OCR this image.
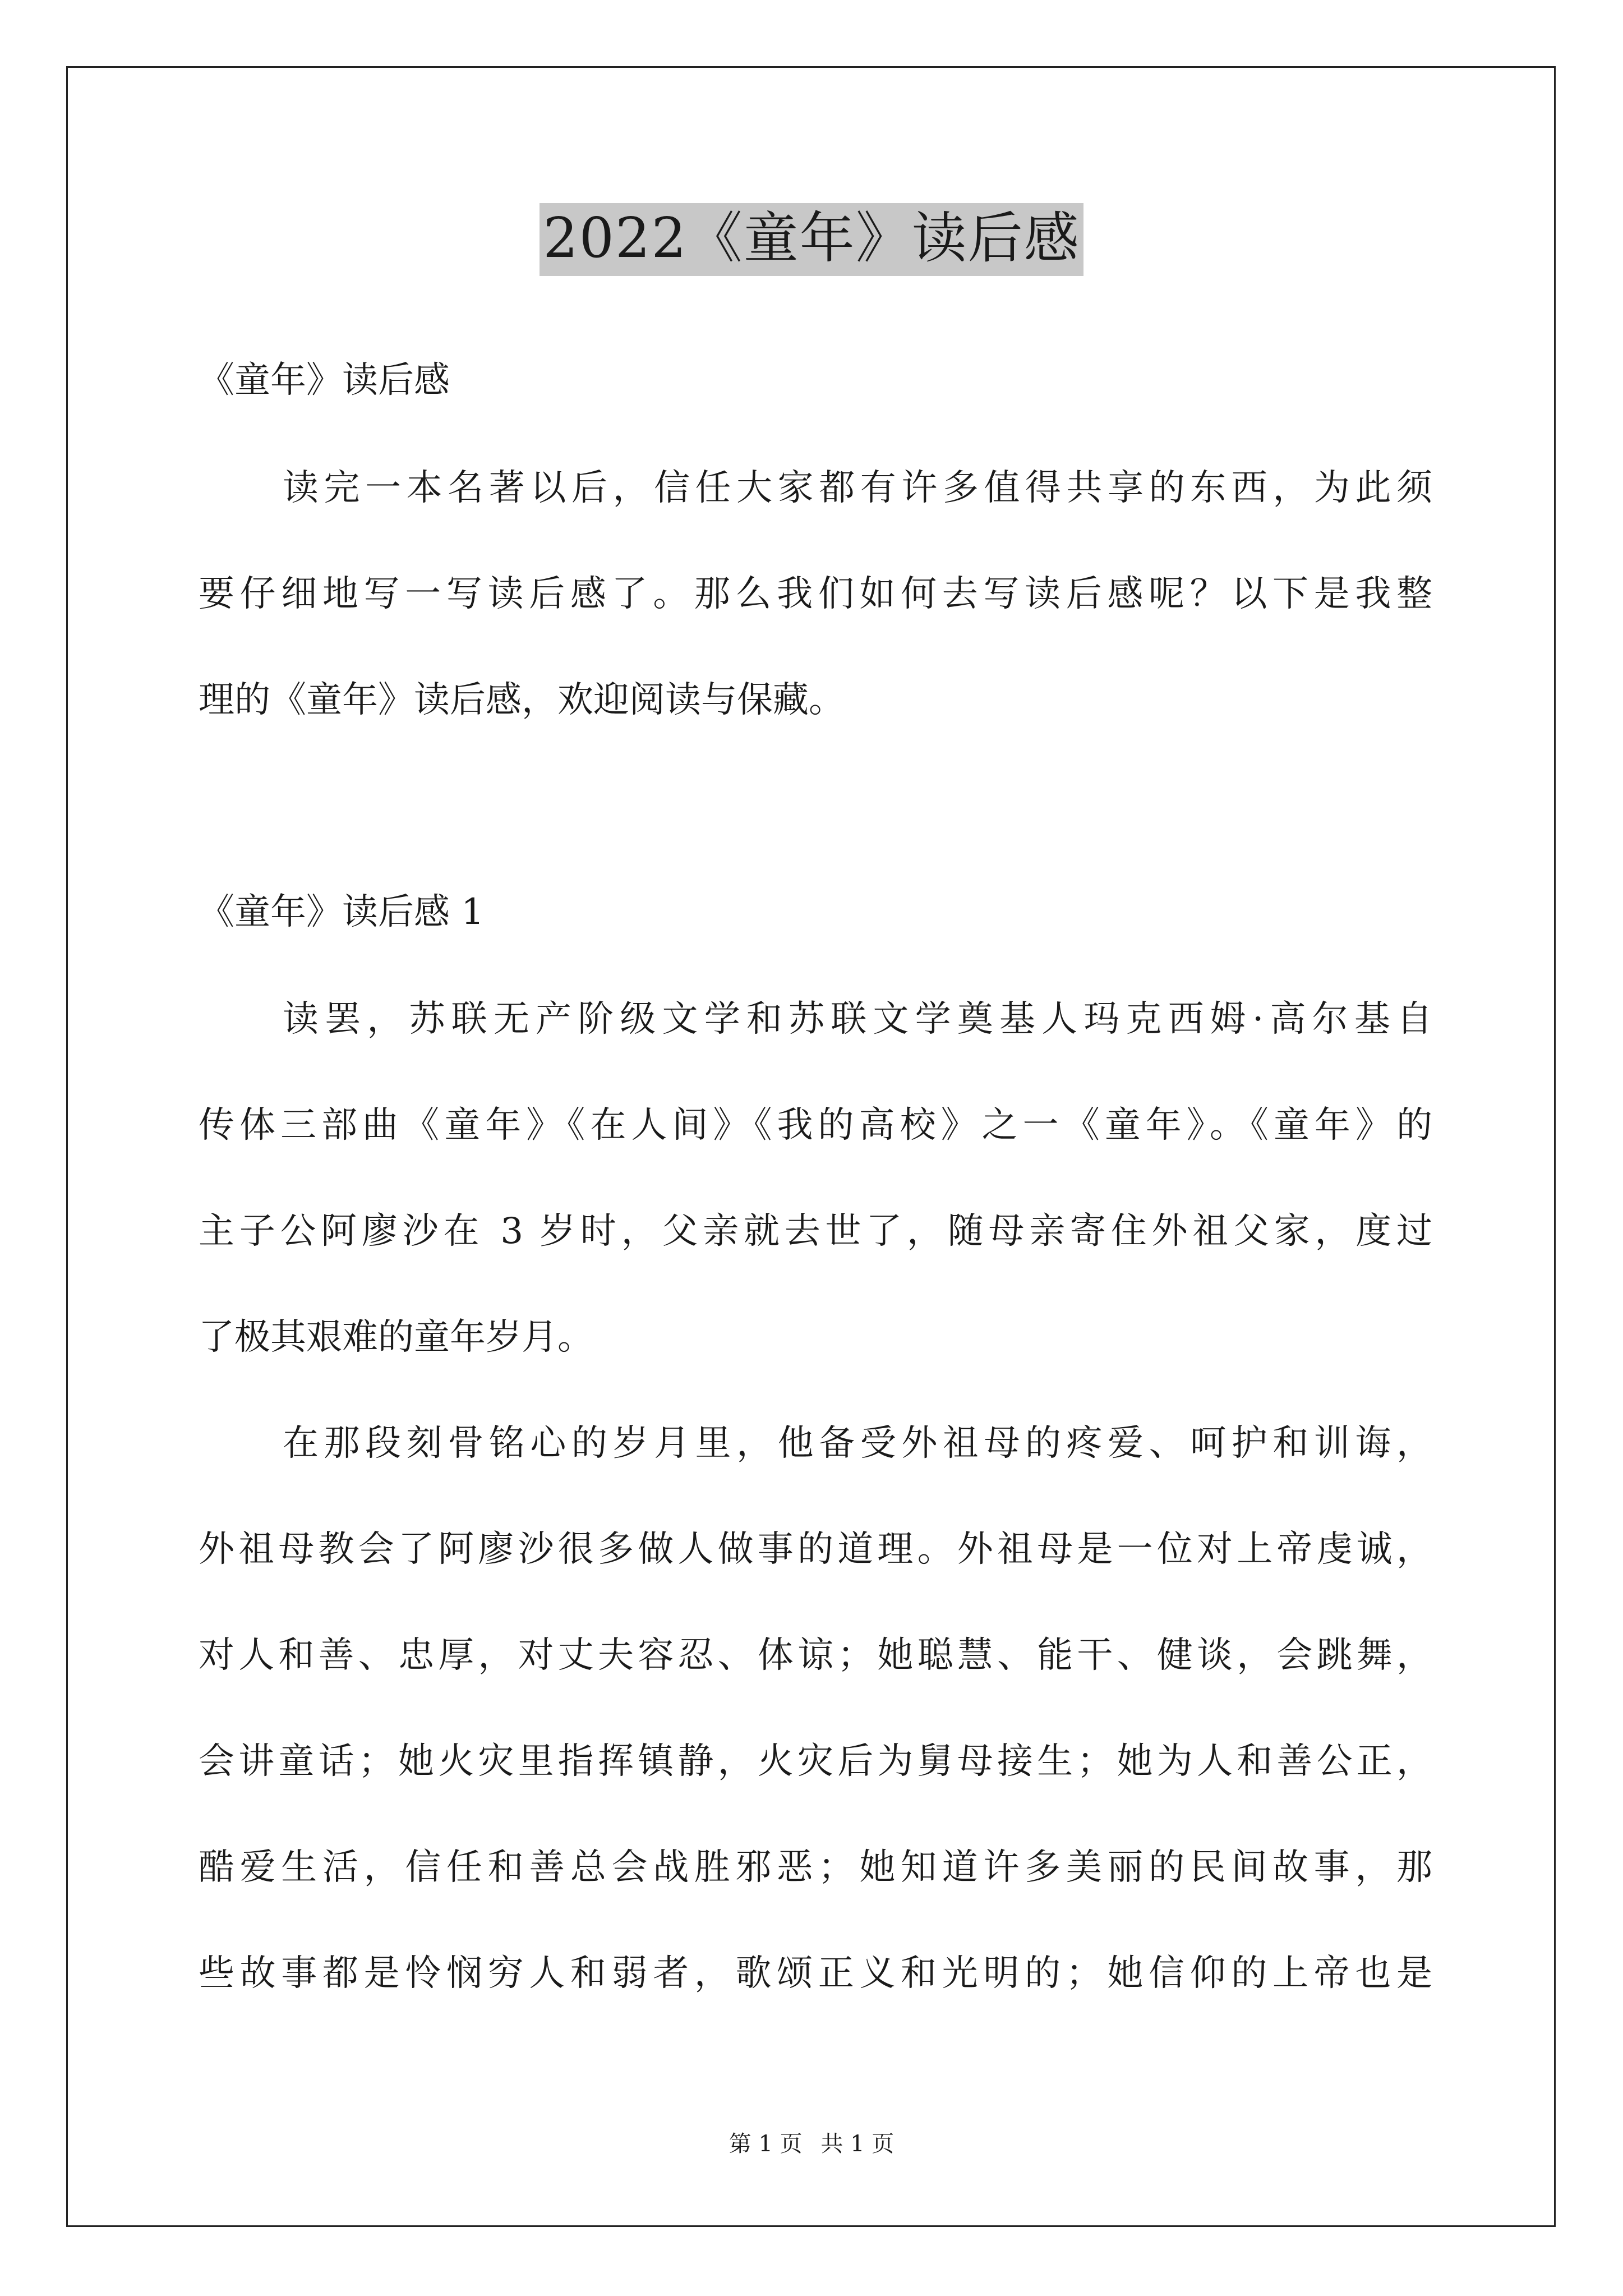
2022《童年》读后感
《童年》读后感
读完一本名著以后，信任大家都有许多值得共享的东西，为此须
要仔细地写一写读后感了。那么我们如何去写读后感呢？以下是我整
理的《童年》读后感，欢迎阅读与保藏。
《童年》读后感 1
读罢，苏联无产阶级文学和苏联文学奠基人玛克西姆·高尔基自
传体三部曲《童年》《在人间》《我的高校》之一《童年》。《童年》的
主子公阿廖沙在 3 岁时，父亲就去世了，随母亲寄住外祖父家，度过
了极其艰难的童年岁月。
在那段刻骨铭心的岁月里，他备受外祖母的疼爱、呵护和训诲，
外祖母教会了阿廖沙很多做人做事的道理。外祖母是一位对上帝虔诚，
对人和善、忠厚，对丈夫容忍、体谅；她聪慧、能干、健谈，会跳舞，
会讲童话；她火灾里指挥镇静，火灾后为舅母接生；她为人和善公正，
酷爱生活，信任和善总会战胜邪恶；她知道许多美丽的民间故事，那
些故事都是怜悯穷人和弱者，歌颂正义和光明的；她信仰的上帝也是
第 1 页 共 1 页
